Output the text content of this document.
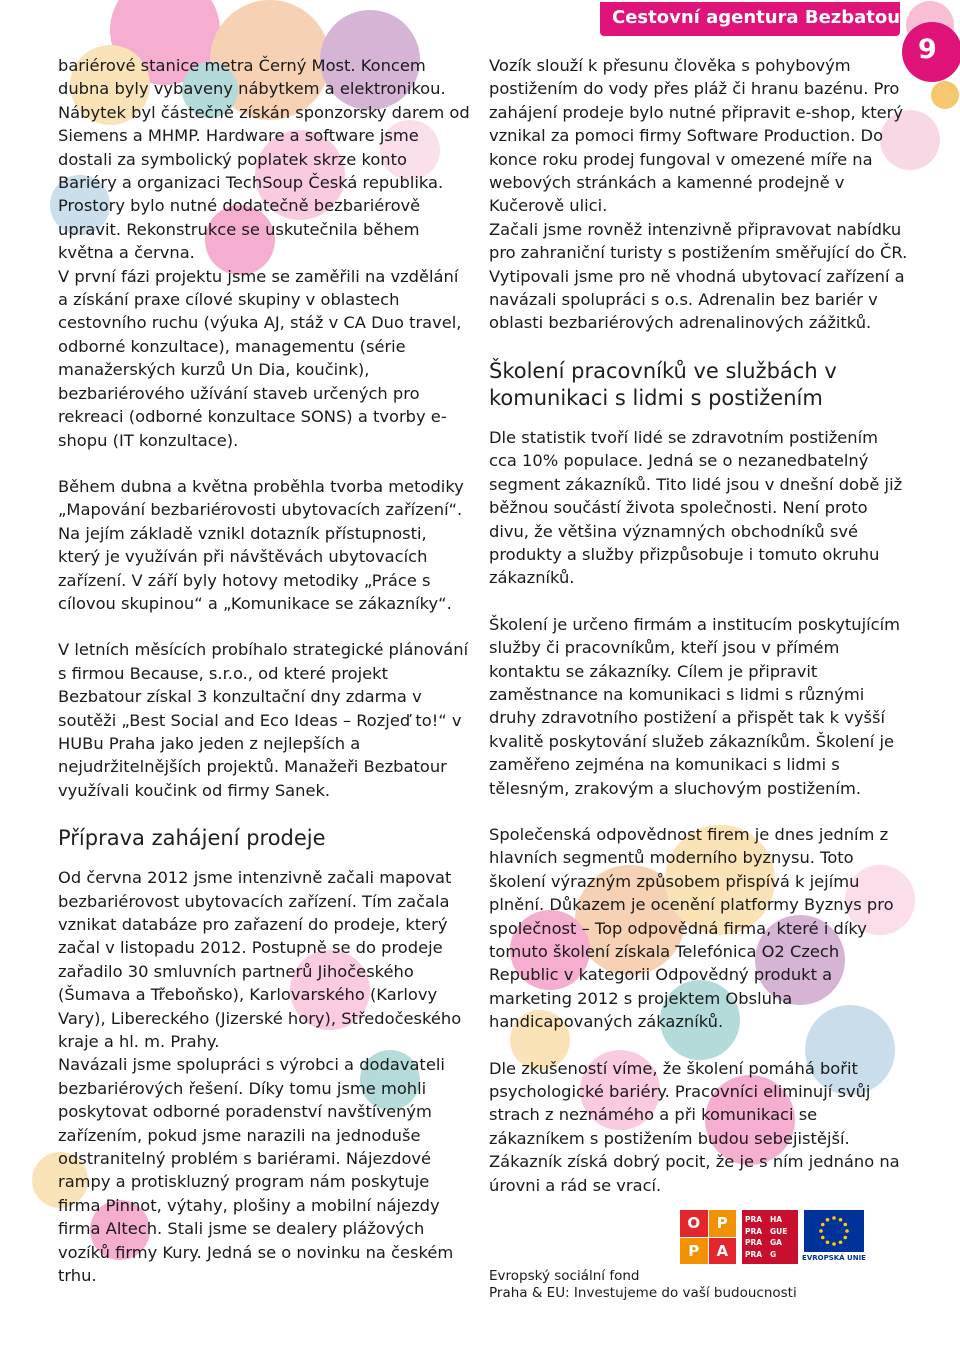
Cestovní agentura Bezbatour
9

bariérové stanice metra Černý Most. Koncem dubna byly vybaveny nábytkem a elektronikou. Nábytek byl částečně získán sponzorsky darem od Siemens a MHMP. Hardware a software jsme dostali za symbolický poplatek skrze konto Bariéry a organizaci TechSoup Česká republika. Prostory bylo nutné dodatečně bezbariérově upravit. Rekonstrukce se uskutečnila během května a června.

V první fázi projektu jsme se zaměřili na vzdělání a získání praxe cílové skupiny v oblastech cestovního ruchu (výuka AJ, stáž v CA Duo travel, odborné konzultace), managementu (série manažerských kurzů Un Dia, koučink), bezbariérového užívání staveb určených pro rekreaci (odborné konzultace SONS) a tvorby e-shopu (IT konzultace).

Během dubna a května proběhla tvorba metodiky „Mapování bezbariérovosti ubytovacích zařízení“. Na jejím základě vznikl dotazník přístupnosti, který je využíván při návštěvách ubytovacích zařízení. V září byly hotovy metodiky „Práce s cílovou skupinou“ a „Komunikace se zákazníky“.

V letních měsících probíhalo strategické plánování s firmou Because, s.r.o., od které projekt Bezbatour získal 3 konzultační dny zdarma v soutěži „Best Social and Eco Ideas – Rozjeď to!“ v HUBu Praha jako jeden z nejlepších a nejudržitelnějších projektů. Manažeři Bezbatour využívali koučink od firmy Sanek.

Příprava zahájení prodeje

Od června 2012 jsme intenzivně začali mapovat bezbariérovost ubytovacích zařízení. Tím začala vznikat databáze pro zařazení do prodeje, který začal v listopadu 2012. Postupně se do prodeje zařadilo 30 smluvních partnerů Jihočeského (Šumava a Třeboňsko), Karlovarského (Karlovy Vary), Libereckého (Jizerské hory), Středočeského kraje a hl. m. Prahy.

Navázali jsme spolupráci s výrobci a dodavateli bezbariérových řešení. Díky tomu jsme mohli poskytovat odborné poradenství navštíveným zařízením, pokud jsme narazili na jednoduše odstranitelný problém s bariérami. Nájezdové rampy a protiskluzný program nám poskytuje firma Pinnot, výtahy, plošiny a mobilní nájezdy firma Altech. Stali jsme se dealery plážových vozíků firmy Kury. Jedná se o novinku na českém trhu.

Vozík slouží k přesunu člověka s pohybovým postižením do vody přes pláž či hranu bazénu. Pro zahájení prodeje bylo nutné připravit e-shop, který vznikal za pomoci firmy Software Production. Do konce roku prodej fungoval v omezené míře na webových stránkách a kamenné prodejně v Kučerově ulici.

Začali jsme rovněž intenzivně připravovat nabídku pro zahraniční turisty s postižením směřující do ČR. Vytipovali jsme pro ně vhodná ubytovací zařízení a navázali spolupráci s o.s. Adrenalin bez bariér v oblasti bezbariérových adrenalinových zážitků.

Školení pracovníků ve službách v komunikaci s lidmi s postižením

Dle statistik tvoří lidé se zdravotním postižením cca 10% populace. Jedná se o nezanedbatelný segment zákazníků. Tito lidé jsou v dnešní době již běžnou součástí života společnosti. Není proto divu, že většina významných obchodníků své produkty a služby přizpůsobuje i tomuto okruhu zákazníků.

Školení je určeno firmám a institucím poskytujícím služby či pracovníkům, kteří jsou v přímém kontaktu se zákazníky. Cílem je připravit zaměstnance na komunikaci s lidmi s různými druhy zdravotního postižení a přispět tak k vyšší kvalitě poskytování služeb zákazníkům. Školení je zaměřeno zejména na komunikaci s lidmi s tělesným, zrakovým a sluchovým postižením.

Společenská odpovědnost firem je dnes jedním z hlavních segmentů moderního byznysu. Toto školení výrazným způsobem přispívá k jejímu plnění. Důkazem je ocenění platformy Byznys pro společnost – Top odpovědná firma, které i díky tomuto školení získala Telefónica O2 Czech Republic v kategorii Odpovědný produkt a marketing 2012 s projektem Obsluha handicapovaných zákazníků.

Dle zkušeností víme, že školení pomáhá bořit psychologické bariéry. Pracovníci eliminují svůj strach z neznámého a při komunikaci se zákazníkem s postižením budou sebejistější. Zákazník získá dobrý pocit, že je s ním jednáno na úrovni a rád se vrací.

O	P
P	A
PRA	HA
PRA	GUE
PRA	GA
PRA	G	EVROPSKÁ UNIE
Evropský sociální fond
Praha & EU: Investujeme do vaší budoucnosti
